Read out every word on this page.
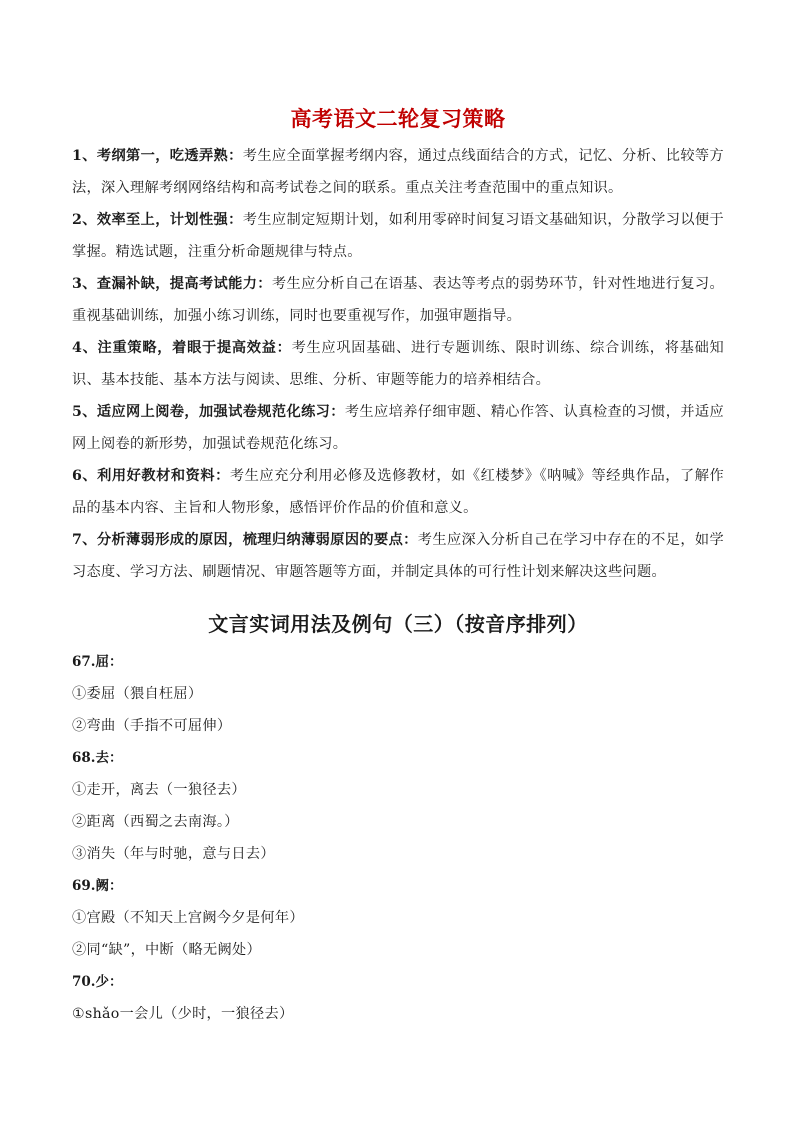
高考语文二轮复习策略

1、考纲第一，吃透弄熟：考生应全面掌握考纲内容，通过点线面结合的方式，记忆、分析、比较等方法，深入理解考纲网络结构和高考试卷之间的联系。重点关注考查范围中的重点知识。

2、效率至上，计划性强：考生应制定短期计划，如利用零碎时间复习语文基础知识，分散学习以便于掌握。精选试题，注重分析命题规律与特点。

3、查漏补缺，提高考试能力：考生应分析自己在语基、表达等考点的弱势环节，针对性地进行复习。重视基础训练，加强小练习训练，同时也要重视写作，加强审题指导。

4、注重策略，着眼于提高效益：考生应巩固基础、进行专题训练、限时训练、综合训练，将基础知识、基本技能、基本方法与阅读、思维、分析、审题等能力的培养相结合。

5、适应网上阅卷，加强试卷规范化练习：考生应培养仔细审题、精心作答、认真检查的习惯，并适应网上阅卷的新形势，加强试卷规范化练习。

6、利用好教材和资料：考生应充分利用必修及选修教材，如《红楼梦》《呐喊》等经典作品，了解作品的基本内容、主旨和人物形象，感悟评价作品的价值和意义。

7、分析薄弱形成的原因，梳理归纳薄弱原因的要点：考生应深入分析自己在学习中存在的不足，如学习态度、学习方法、刷题情况、审题答题等方面，并制定具体的可行性计划来解决这些问题。

文言实词用法及例句（三）（按音序排列）

67.屈：

①委屈（猥自枉屈）

②弯曲（手指不可屈伸）

68.去：

①走开，离去（一狼径去）

②距离（西蜀之去南海。）

③消失（年与时驰，意与日去）

69.阙：

①宫殿（不知天上宫阙今夕是何年）

②同“缺”，中断（略无阙处）

70.少：

①shǎo一会儿（少时，一狼径去）
